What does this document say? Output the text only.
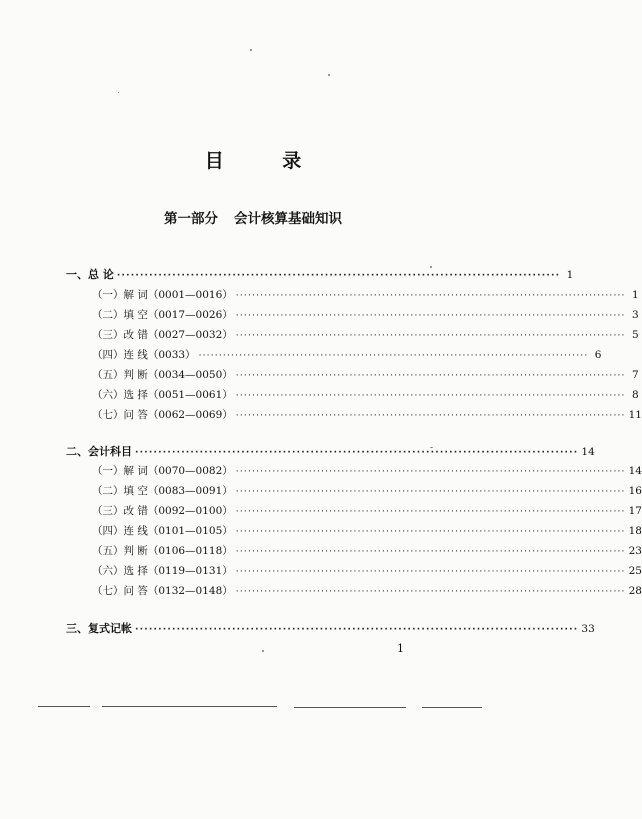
目 录
第一部分 会计核算基础知识
一、总 论 ································································································ 1
（一）解 词（0001—0016） ································································································ 1
（二）填 空（0017—0026） ································································································ 3
（三）改 错（0027—0032） ································································································ 5
（四）连 线（0033） ································································································ 6
（五）判 断（0034—0050） ································································································ 7
（六）选 择（0051—0061） ································································································ 8
（七）问 答（0062—0069） ································································································ 11
二、会计科目 ································································································ 14
（一）解 词（0070—0082） ································································································ 14
（二）填 空（0083—0091） ································································································ 16
（三）改 错（0092—0100） ································································································ 17
（四）连 线（0101—0105） ································································································ 18
（五）判 断（0106—0118） ································································································ 23
（六）选 择（0119—0131） ································································································ 25
（七）问 答（0132—0148） ································································································ 28
三、复式记帐 ································································································ 33
1
